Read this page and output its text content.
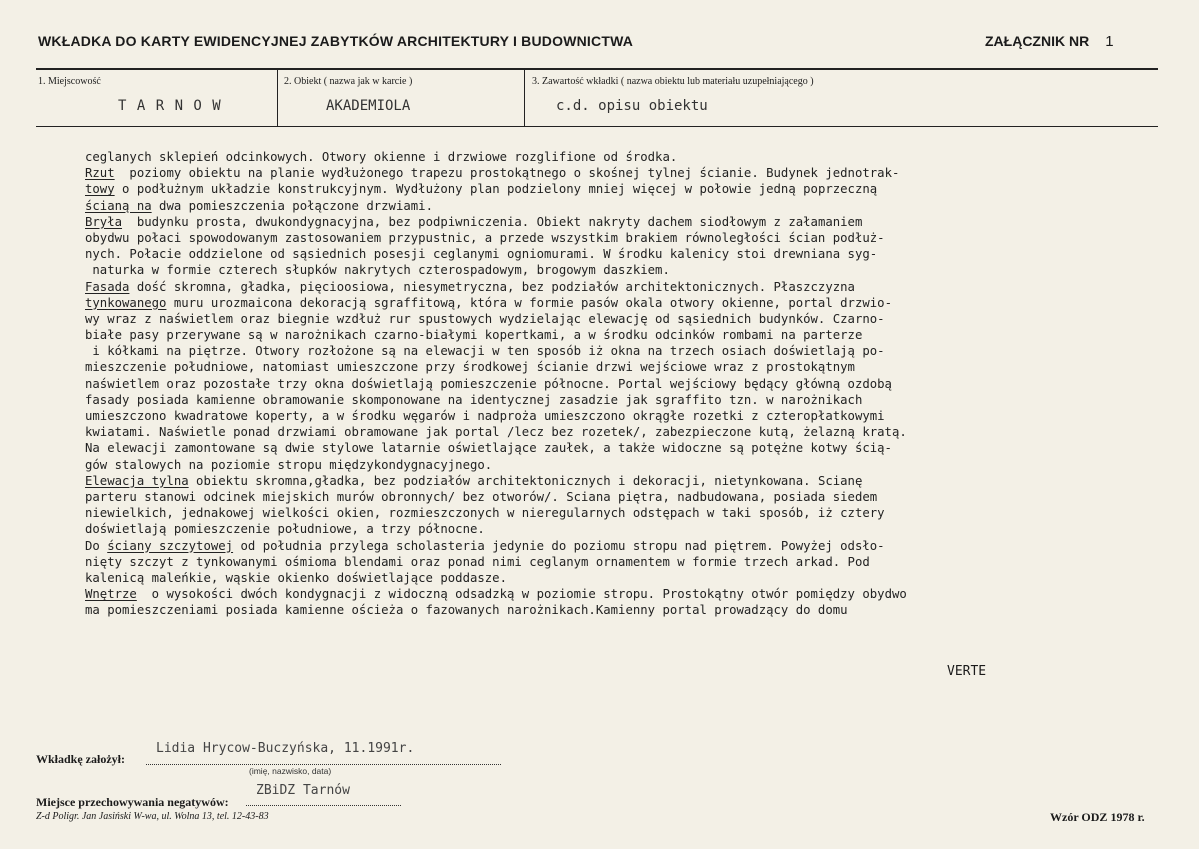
WKŁADKA DO KARTY EWIDENCYJNEJ ZABYTKÓW ARCHITEKTURY I BUDOWNICTWA	ZAŁĄCZNIK NR 1
1. Miejscowość
T A R N O W
2. Obiekt ( nazwa jak w karcie )
AKADEMIOLA
3. Zawartość wkładki ( nazwa obiektu lub materiału uzupełniającego )
c.d. opisu obiektu
ceglanych sklepień odcinkowych. Otwory okienne i drzwiowe rozglifione od środka.
Rzut  poziomy obiektu na planie wydłużonego trapezu prostokątnego o skośnej tylnej ścianie. Budynek jednotrak-
towy o podłużnym układzie konstrukcyjnym. Wydłużony plan podzielony mniej więcej w połowie jedną poprzeczną
ścianą na dwa pomieszczenia połączone drzwiami.
Bryła  budynku prosta, dwukondygnacyjna, bez podpiwniczenia. Obiekt nakryty dachem siodłowym z załamaniem
obydwu połaci spowodowanym zastosowaniem przypustnic, a przede wszystkim brakiem równoległości ścian podłuż-
nych. Połacie oddzielone od sąsiednich posesji ceglanymi ogniomurami. W środku kalenicy stoi drewniana syg-
naturka w formie czterech słupków nakrytych czterospadowym, brogowym daszkiem.
Fasada dość skromna, gładka, pięcioosiowa, niesymetryczna, bez podziałów architektonicznych. Płaszczyzna
tynkowanego muru urozmaicona dekoracją sgraffitową, która w formie pasów okala otwory okienne, portal drzwio-
wy wraz z naświetlem oraz biegnie wzdłuż rur spustowych wydzielając elewację od sąsiednich budynków. Czarno-
białe pasy przerywane są w narożnikach czarno-białymi kopertkami, a w środku odcinków rombami na parterze
i kółkami na piętrze. Otwory rozłożone są na elewacji w ten sposób iż okna na trzech osiach doświetlają po-
mieszczenie południowe, natomiast umieszczone przy środkowej ścianie drzwi wejściowe wraz z prostokątnym
naświetlem oraz pozostałe trzy okna doświetlają pomieszczenie północne. Portal wejściowy będący główną ozdobą
fasady posiada kamienne obramowanie skomponowane na identycznej zasadzie jak sgraffito tzn. w narożnikach
umieszczono kwadratowe koperty, a w środku węgarów i nadproża umieszczono okrągłe rozetki z czteropłatkowymi
kwiatami. Naświetle ponad drzwiami obramowane jak portal /lecz bez rozetek/, zabezpieczone kutą, żelazną kratą.
Na elewacji zamontowane są dwie stylowe latarnie oświetlające zaułek, a także widoczne są potężne kotwy ścią-
gów stalowych na poziomie stropu międzykondygnacyjnego.
Elewacja tylna obiektu skromna,gładka, bez podziałów architektonicznych i dekoracji, nietynkowana. Scianę
parteru stanowi odcinek miejskich murów obronnych/ bez otworów/. Sciana piętra, nadbudowana, posiada siedem
niewielkich, jednakowej wielkości okien, rozmieszczonych w nieregularnych odstępach w taki sposób, iż cztery
doświetlają pomieszczenie południowe, a trzy północne.
Do ściany szczytowej od południa przylega scholasteria jedynie do poziomu stropu nad piętrem. Powyżej odsło-
nięty szczyt z tynkowanymi ośmioma blendami oraz ponad nimi ceglanym ornamentem w formie trzech arkad. Pod
kalenicą maleńkie, wąskie okienko doświetlające poddasze.
Wnętrze  o wysokości dwóch kondygnacji z widoczną odsadzką w poziomie stropu. Prostokątny otwór pomiędzy obydwo
ma pomieszczeniami posiada kamienne ościeża o fazowanych narożnikach.Kamienny portal prowadzący do domu
VERTE
Wkładkę założył:
Lidia Hrycow-Buczyńska, 11.1991r.
(imię, nazwisko, data)
Miejsce przechowywania negatywów:
ZBiDZ Tarnów
Z-d Poligr. Jan Jasiński W-wa, ul. Wolna 13, tel. 12-43-83	Wzór ODZ 1978 r.
